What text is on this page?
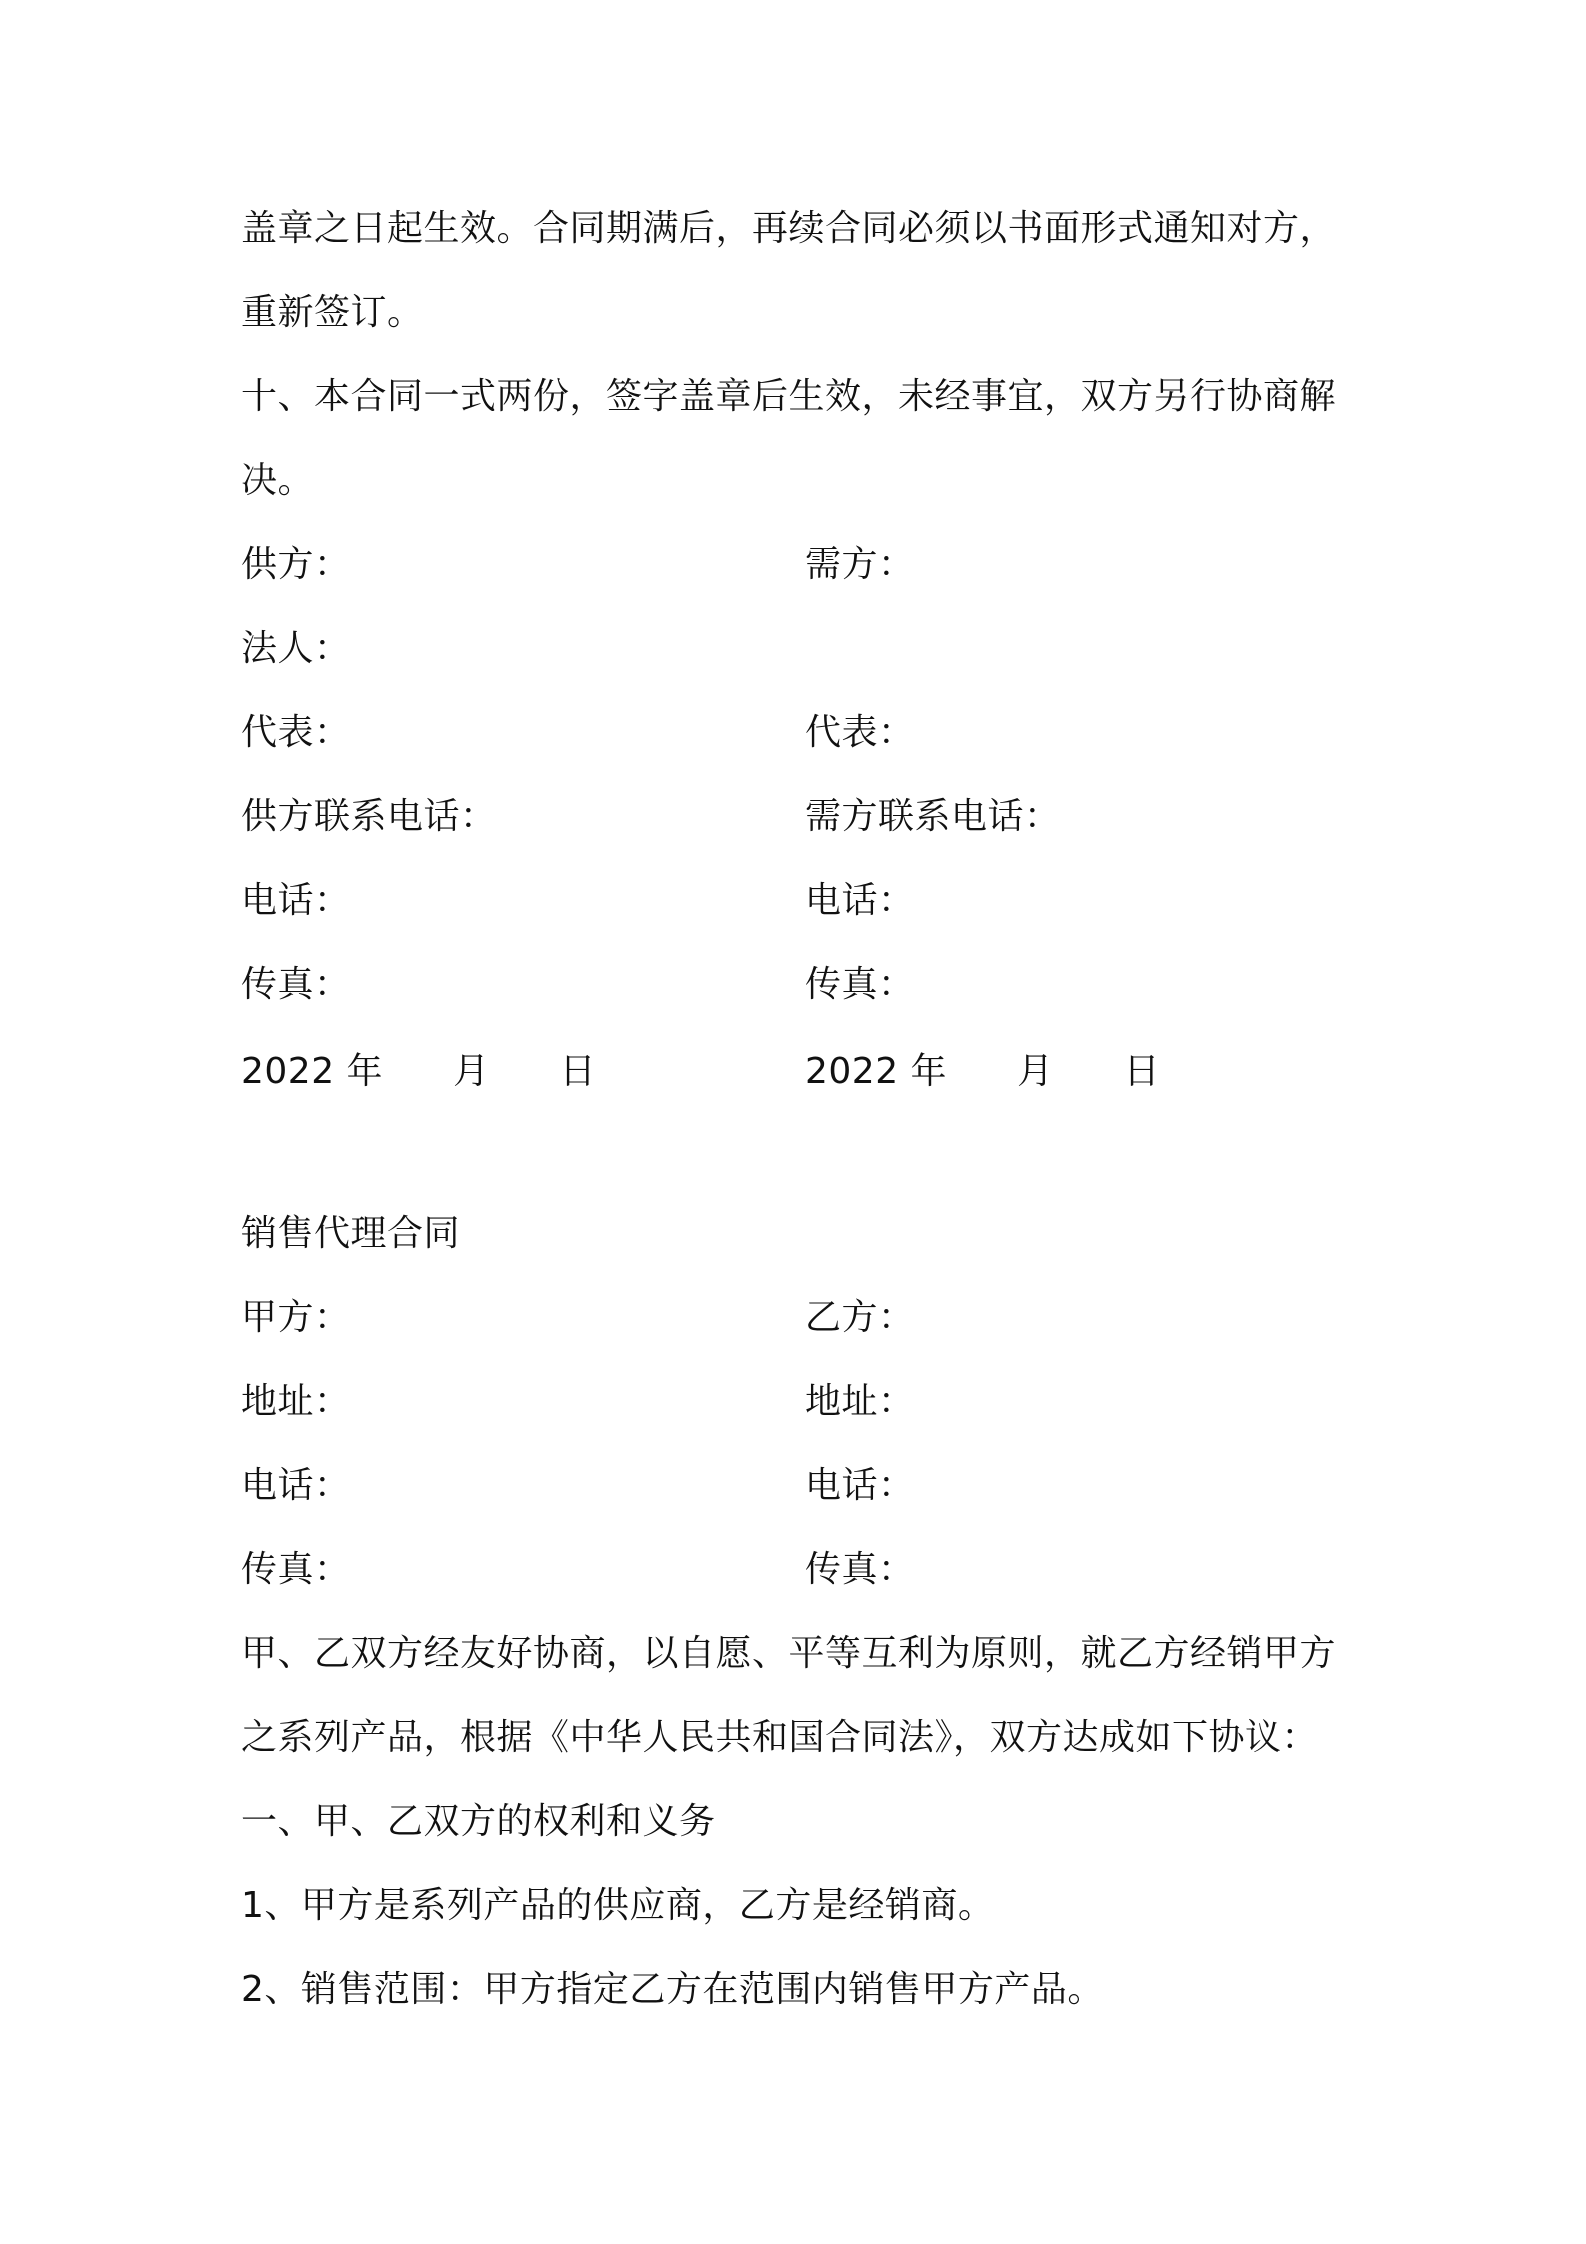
盖章之日起生效。合同期满后，再续合同必须以书面形式通知对方，
重新签订。
十、本合同一式两份，签字盖章后生效，未经事宜，双方另行协商解
决。
供方：	需方：
法人：
代表：	代表：
供方联系电话：	需方联系电话：
电话：	电话：
传真：	传真：
2022 年 月 日	2022 年 月 日
销售代理合同
甲方：	乙方：
地址：	地址：
电话：	电话：
传真：	传真：
甲、乙双方经友好协商，以自愿、平等互利为原则，就乙方经销甲方
之系列产品，根据《中华人民共和国合同法》，双方达成如下协议：
一、甲、乙双方的权利和义务
1、甲方是系列产品的供应商，乙方是经销商。
2、销售范围：甲方指定乙方在范围内销售甲方产品。
